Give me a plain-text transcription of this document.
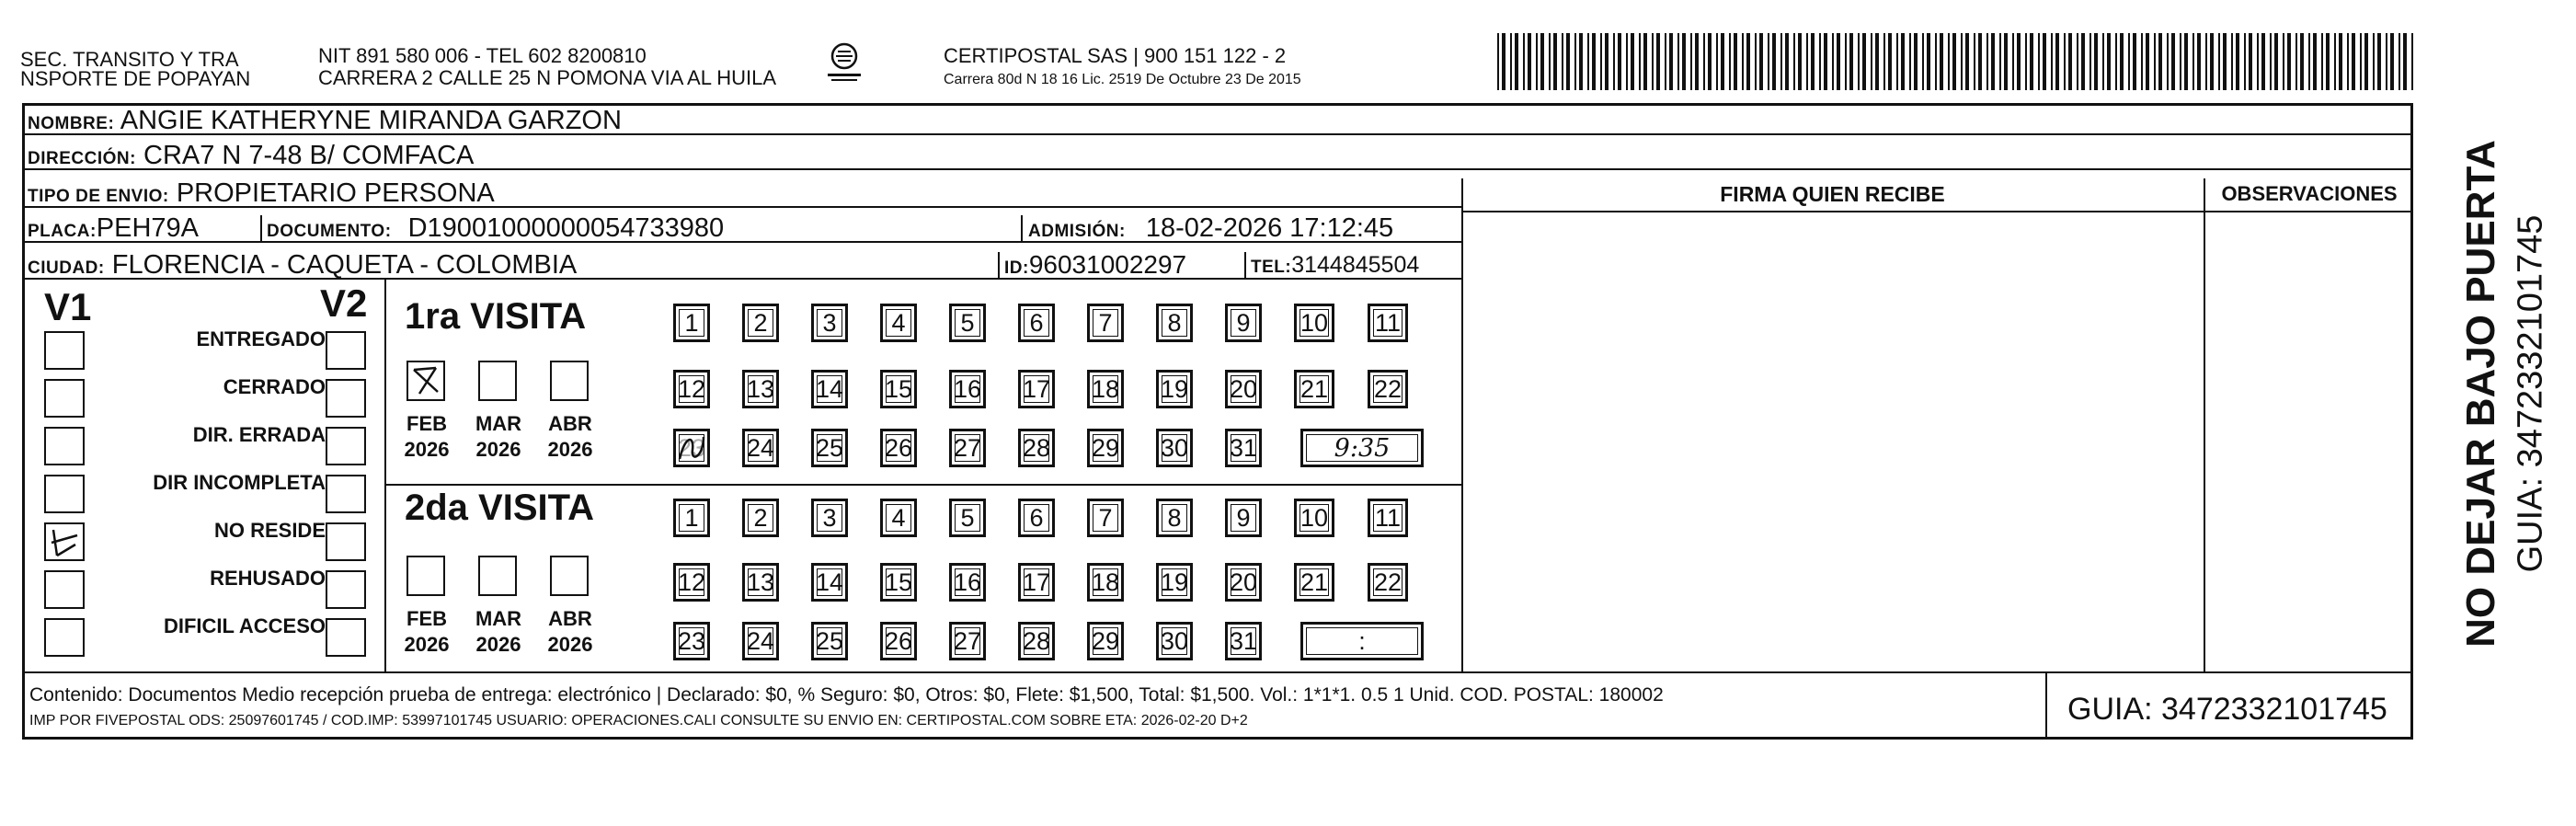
SEC. TRANSITO Y TRA
NSPORTE DE POPAYAN
NIT 891 580 006 - TEL 602 8200810
CARRERA 2 CALLE 25 N POMONA VIA AL HUILA
CERTIPOSTAL SAS | 900 151 122 - 2
Carrera 80d N 18 16 Lic. 2519 De Octubre 23 De 2015
NOMBRE: ANGIE KATHERYNE MIRANDA GARZON
DIRECCIÓN: CRA7 N 7-48 B/ COMFACA
TIPO DE ENVIO: PROPIETARIO PERSONA
PLACA:PEH79A	DOCUMENTO: D19001000000054733980	ADMISIÓN: 18-02-2026 17:12:45
CIUDAD: FLORENCIA - CAQUETA - COLOMBIA	ID:96031002297	TEL:3144845504
FIRMA QUIEN RECIBE	OBSERVACIONES
V1	V2
ENTREGADO
CERRADO
DIR. ERRADA
DIR INCOMPLETA
NO RESIDE
REHUSADO
DIFICIL ACCESO
1ra VISITA
2da VISITA
FEB
2026
MAR
2026
ABR
2026
FEB
2026
MAR
2026
ABR
2026
1	2	3	4	5	6	7	8	9	10 11
12 13 14 15 16 17 18 19 20 21 22
23 24 25 26 27 28 29 30 31	9:35
1	2	3	4	5	6	7	8	9	10 11
12 13 14 15 16 17 18 19 20 21 22
23 24 25 26 27 28 29 30 31	:
Contenido: Documentos Medio recepción prueba de entrega: electrónico | Declarado: $0, % Seguro: $0, Otros: $0, Flete: $1,500, Total: $1,500. Vol.: 1*1*1. 0.5 1 Unid. COD. POSTAL: 180002
IMP POR FIVEPOSTAL ODS: 25097601745 / COD.IMP: 53997101745 USUARIO: OPERACIONES.CALI CONSULTE SU ENVIO EN: CERTIPOSTAL.COM SOBRE ETA: 2026-02-20 D+2	GUIA: 3472332101745
NO DEJAR BAJO PUERTA GUIA: 3472332101745
